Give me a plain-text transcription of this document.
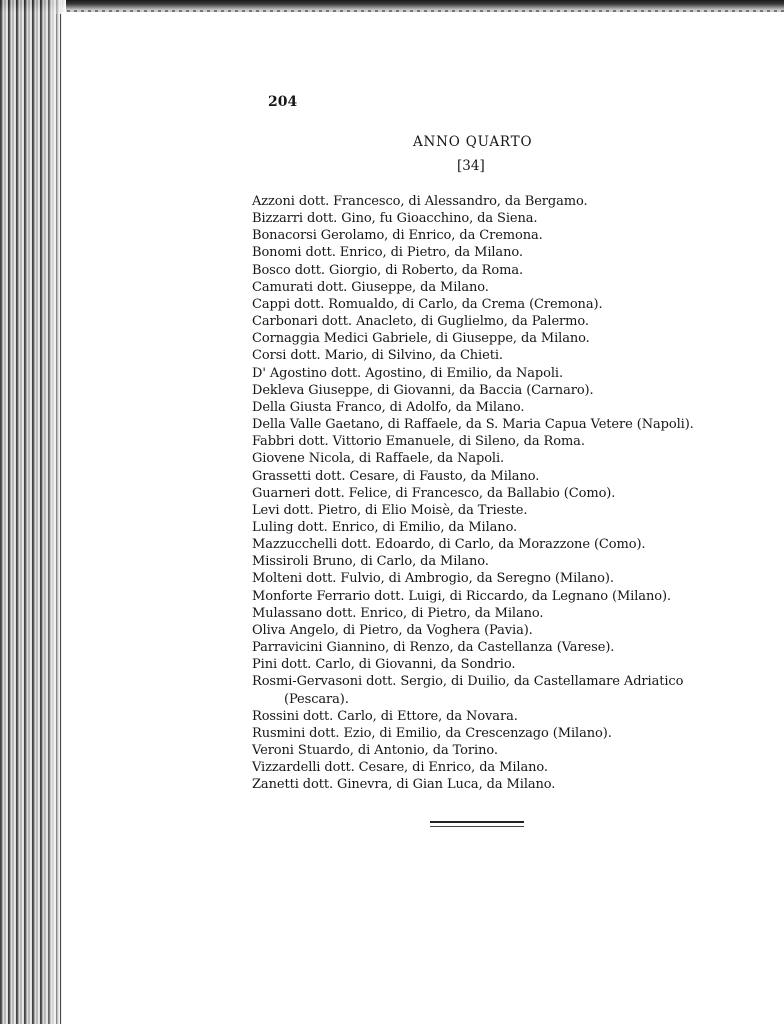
204
ANNO QUARTO
[34]
Azzoni dott. Francesco, di Alessandro, da Bergamo.
Bizzarri dott. Gino, fu Gioacchino, da Siena.
Bonacorsi Gerolamo, di Enrico, da Cremona.
Bonomi dott. Enrico, di Pietro, da Milano.
Bosco dott. Giorgio, di Roberto, da Roma.
Camurati dott. Giuseppe, da Milano.
Cappi dott. Romualdo, di Carlo, da Crema (Cremona).
Carbonari dott. Anacleto, di Guglielmo, da Palermo.
Cornaggia Medici Gabriele, di Giuseppe, da Milano.
Corsi dott. Mario, di Silvino, da Chieti.
D' Agostino dott. Agostino, di Emilio, da Napoli.
Dekleva Giuseppe, di Giovanni, da Baccia (Carnaro).
Della Giusta Franco, di Adolfo, da Milano.
Della Valle Gaetano, di Raffaele, da S. Maria Capua Vetere (Napoli).
Fabbri dott. Vittorio Emanuele, di Sileno, da Roma.
Giovene Nicola, di Raffaele, da Napoli.
Grassetti dott. Cesare, di Fausto, da Milano.
Guarneri dott. Felice, di Francesco, da Ballabio (Como).
Levi dott. Pietro, di Elio Moisè, da Trieste.
Luling dott. Enrico, di Emilio, da Milano.
Mazzucchelli dott. Edoardo, di Carlo, da Morazzone (Como).
Missiroli Bruno, di Carlo, da Milano.
Molteni dott. Fulvio, di Ambrogio, da Seregno (Milano).
Monforte Ferrario dott. Luigi, di Riccardo, da Legnano (Milano).
Mulassano dott. Enrico, di Pietro, da Milano.
Oliva Angelo, di Pietro, da Voghera (Pavia).
Parravicini Giannino, di Renzo, da Castellanza (Varese).
Pini dott. Carlo, di Giovanni, da Sondrio.
Rosmi-Gervasoni dott. Sergio, di Duilio, da Castellamare Adriatico
(Pescara).
Rossini dott. Carlo, di Ettore, da Novara.
Rusmini dott. Ezio, di Emilio, da Crescenzago (Milano).
Veroni Stuardo, di Antonio, da Torino.
Vizzardelli dott. Cesare, di Enrico, da Milano.
Zanetti dott. Ginevra, di Gian Luca, da Milano.
